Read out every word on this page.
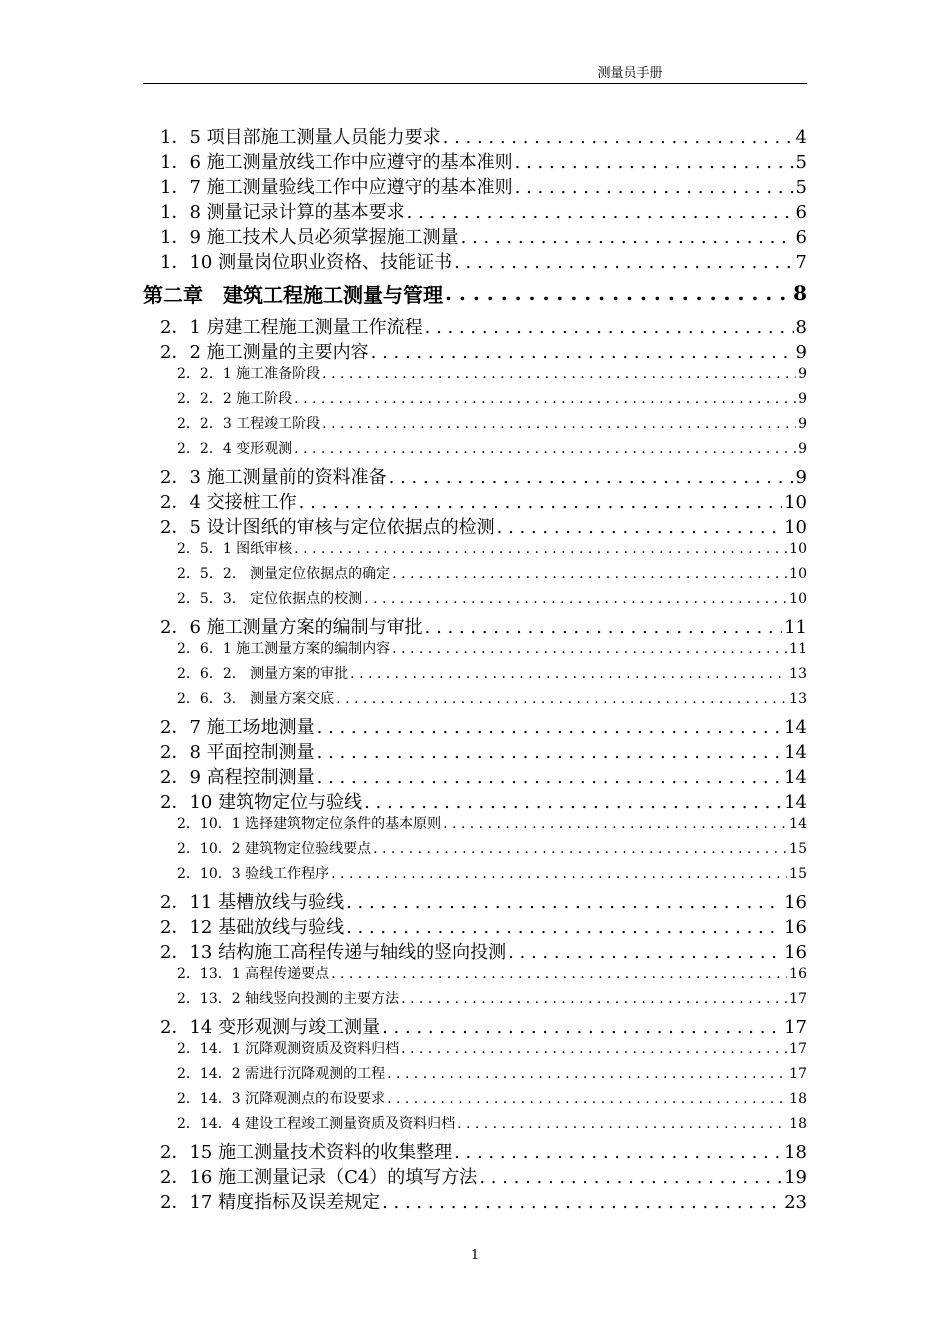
测量员手册
1．5 项目部施工测量人员能力要求 . . .	4
1．6 施工测量放线工作中应遵守的基本准则 . . .	5
1．7 施工测量验线工作中应遵守的基本准则 . . .	5
1．8 测量记录计算的基本要求 . . .	6
1．9 施工技术人员必须掌握施工测量 . . .	6
1．10 测量岗位职业资格、技能证书 . . .	7
第二章　建筑工程施工测量与管理 . . .	8
2．1 房建工程施工测量工作流程 . . .	8
2．2 施工测量的主要内容 . . .	9
2．2．1 施工准备阶段 . . .	9
2．2．2 施工阶段 . . .	9
2．2．3 工程竣工阶段 . . .	9
2．2．4 变形观测 . . .	9
2．3 施工测量前的资料准备 . . .	9
2．4 交接桩工作 . . .	10
2．5 设计图纸的审核与定位依据点的检测 . . .	10
2．5．1 图纸审核 . . .	10
2．5．2.　测量定位依据点的确定 . . .	10
2．5．3.　定位依据点的校测 . . .	10
2．6 施工测量方案的编制与审批 . . .	11
2．6．1 施工测量方案的编制内容 . . .	11
2．6．2.　测量方案的审批 . . .	13
2．6．3.　测量方案交底 . . .	13
2．7 施工场地测量 . . .	14
2．8 平面控制测量 . . .	14
2．9 高程控制测量 . . .	14
2．10 建筑物定位与验线 . . .	14
2．10．1 选择建筑物定位条件的基本原则 . . .	14
2．10．2 建筑物定位验线要点 . . .	15
2．10．3 验线工作程序 . . .	15
2．11 基槽放线与验线 . . .	16
2．12 基础放线与验线 . . .	16
2．13 结构施工高程传递与轴线的竖向投测 . . .	16
2．13．1 高程传递要点 . . .	16
2．13．2 轴线竖向投测的主要方法 . . .	17
2．14 变形观测与竣工测量 . . .	17
2．14．1 沉降观测资质及资料归档 . . .	17
2．14．2 需进行沉降观测的工程 . . .	17
2．14．3 沉降观测点的布设要求 . . .	18
2．14．4 建设工程竣工测量资质及资料归档 . . .	18
2．15 施工测量技术资料的收集整理 . . .	18
2．16 施工测量记录（C4）的填写方法 . . .	19
2．17 精度指标及误差规定 . . .	23
1
